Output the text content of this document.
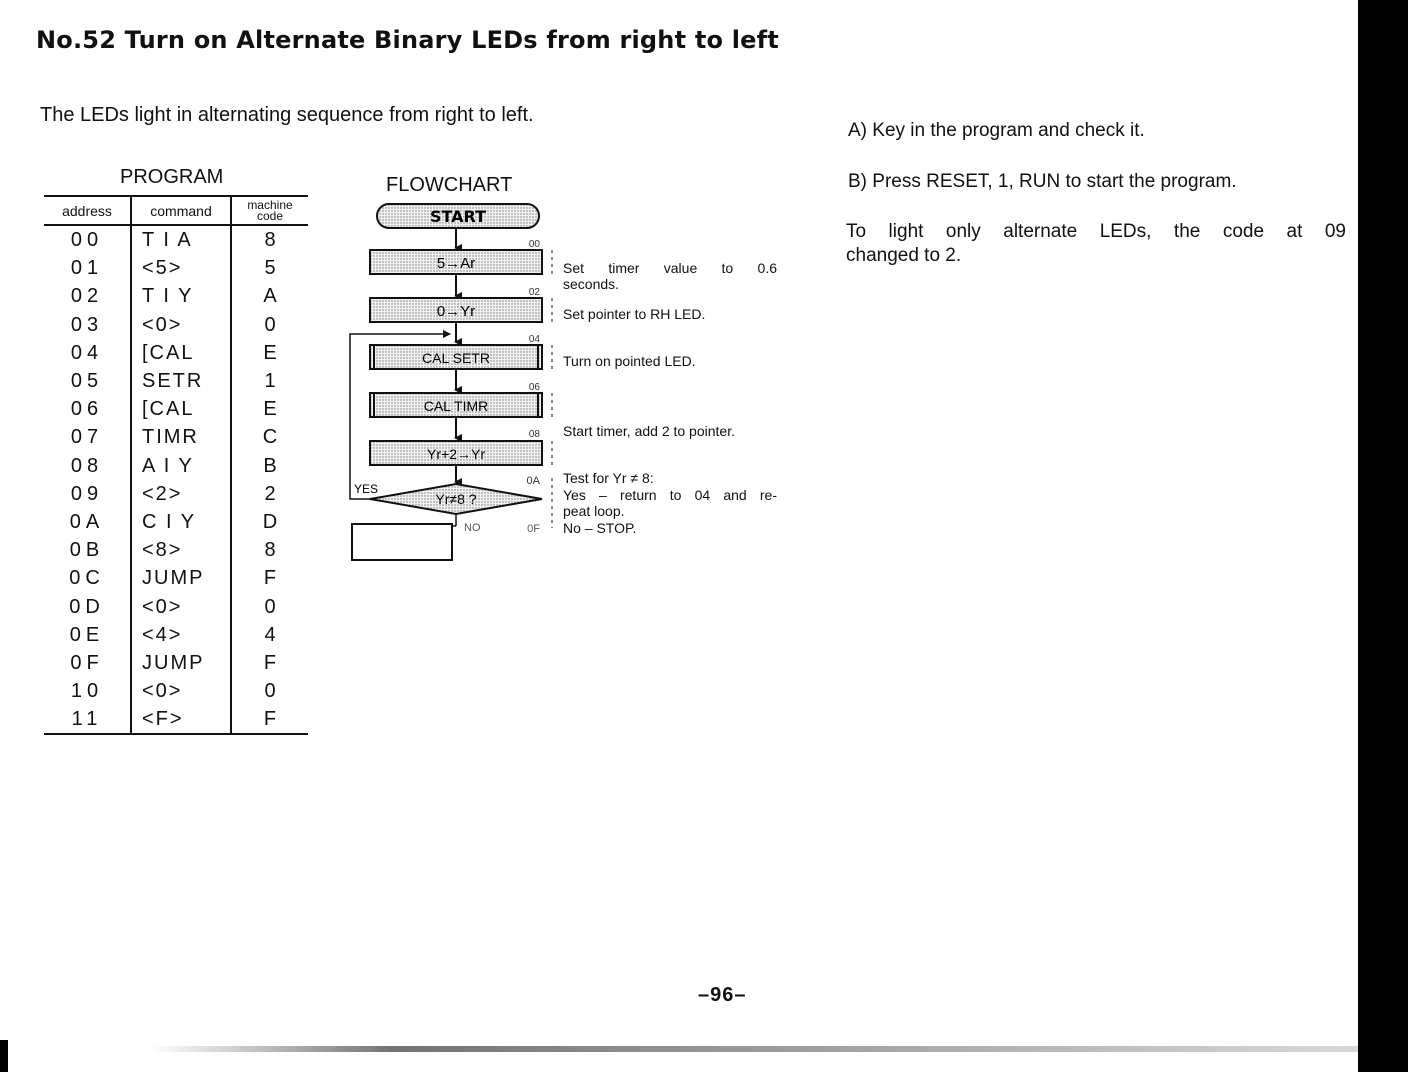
No.52 Turn on Alternate Binary LEDs from right to left

The LEDs light in alternating sequence from right to left.

PROGRAM
address	command	machine code
00	T I A	8
01	<5>	5
02	T I Y	A
03	<0>	0
04	[CAL	E
05	SETR	1
06	[CAL	E
07	TIMR	C
08	A I Y	B
09	<2>	2
0A	C I Y	D
0B	<8>	8
0C	JUMP	F
0D	<0>	0
0E	<4>	4
0F	JUMP	F
10	<0>	0
11	<F>	F
FLOWCHART
START
5→Ar
0→Yr
CAL SETR
CAL TIMR
Yr+2→Yr
Yr≠8 ?
YES
NO
00
02
04
06
08
0A
0F

Set timer value to 0.6

seconds.

Set pointer to RH LED.

Turn on pointed LED.

Start timer, add 2 to pointer.

Test for Yr ≠ 8:

Yes – return to 04 and re-

peat loop.

No – STOP.

A) Key in the program and check it.

B) Press RESET, 1, RUN to start the program.

To light only alternate LEDs, the code at 09
changed to 2.

–96–
